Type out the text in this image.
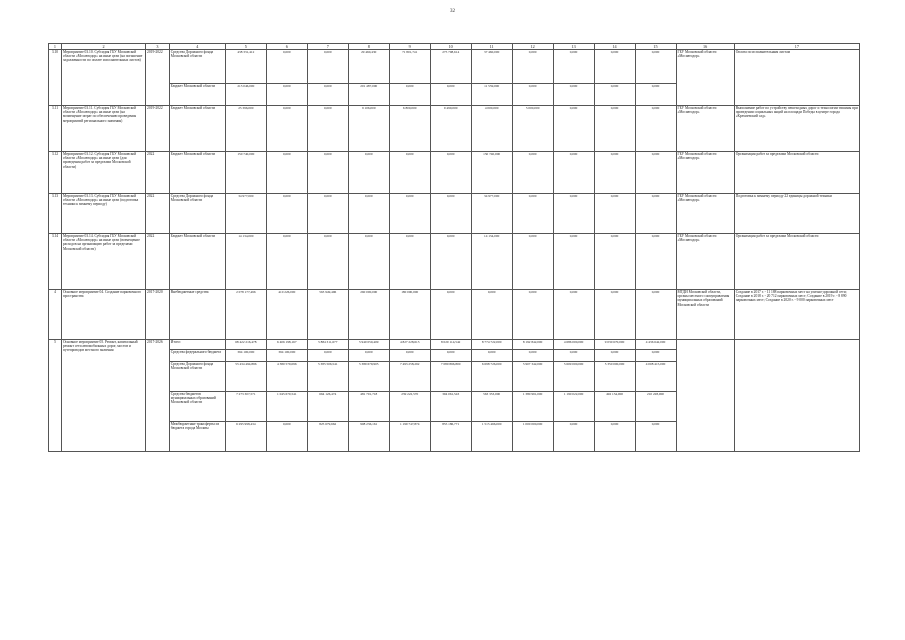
32
1	2	3	4	5	6	7	8	9	10	11	12	13	14	15	16	17
3.10	Мероприятие 03.10. Субсидия ГБУ Московской области «Мосавтодор» на иные цели (на погашение задолженности по оплате исполнительных листов)	2019-2022	Средства Дорожного фонда Московской области	438 331,412	0,000	0,000	29 460,430	71 801,741	275 708,614	37 460,000	0,000	0,000	0,000	0,000	ГБУ Московской области «Мосавтодор»	Оплата по исполнительным листам
			Бюджет Московской области	213 046,000	0,000	0,000	201 487,000	0,000	0,000	11 559,000	0,000	0,000	0,000	0,000		
3.11	Мероприятие 03.11. Субсидия ГБУ Московской области «Мосавтодор» на иные цели (на возмещение затрат по обеспечению проведения мероприятий регионального значения)	2019-2022	Бюджет Московской области	25 396,000	0,000	0,000	9 106,000	6 800,000	9 490,000	4 000,000	5 000,000	0,000	0,000	0,000	ГБУ Московской области «Мосавтодор»	Выполнение работ по устройству пешеходных дорог и технологии тишины при проведении социальных акций на площади Победы в центре города «Кремлевский сад»
3.12	Мероприятие 03.12. Субсидия ГБУ Московской области «Мосавтодор» на иные цели (для проведения работ за пределами Московской области)	2022	Бюджет Московской области	150 740,000	0,000	0,000	0,000	0,000	0,000	150 740,000	0,000	0,000	0,000	0,000	ГБУ Московской области «Мосавтодор»	Организация работ за пределами Московской области
3.13	Мероприятие 03.13. Субсидия ГБУ Московской области «Мосавтодор» на иные цели (подготовка техники к зимнему периоду)	2022	Средства Дорожного фонда Московской области	34 977,000	0,000	0,000	0,000	0,000	0,000	34 977,000	0,000	0,000	0,000	0,000	ГБУ Московской области «Мосавтодор»	Подготовка к зимнему периоду 22 единицы дорожной техники
3.14	Мероприятие 03.14. Субсидия ГБУ Московской области «Мосавтодор» на иные цели (возмещение расходов на организацию работ за пределами Московской области)	2022	Бюджет Московской области	14 134,000	0,000	0,000	0,000	0,000	0,000	14 134,000	0,000	0,000	0,000	0,000	ГБУ Московской области «Мосавтодор»	Организация работ за пределами Московской области
4	Основное мероприятие 04. Создание парковочного пространства	2017-2020	Внебюджетные средства	2 078 177,496	410 226,000	563 949,496	260 000,000	180 000,000	0,000	0,000	0,000	0,000	0,000	0,000	МТДИ Московской области, органы местного самоуправления муниципальных образований Московской области	Создание в 2017 г. - 11 188 парковочных мест на улично-дорожной сети; Создание в 2018 г. - 20 712 парковочных мест; Создание в 2019 г. - 8 890 парковочных мест; Создание в 2020 г. - 9 000 парковочных мест
5	Основное мероприятие 05. Ремонт, капитальный ремонт сети автомобильных дорог, мостов и путепроводов местного значения	2017-2026	Итого:	68 422 216,478	6 406 198,167	5 884 311,677	5 940 050,409	4 827 228,613	8 020 114,542	8 774 722,000	8 192 842,000	4 686 000,000	9 030 670,000	4 436 642,000		
			Средства федерального бюджета	394 100,000	394 100,000	0,000	0,000	0,000	0,000	0,000	0,000	0,000	0,000	0,000		
			Средства Дорожного фонда Московской области	53 434 494,896	4 380 579,096	5 385 506,541	5 389 679,905	7 493 258,292	7 080 866,800	6 698 726,000	5 907 342,000	5 609 000,000	5 350 000,000	4 008 415,000		
			Средства бюджетов муниципальных образований Московской области	7 273 307,571	1 045 670,541	664 126,474	481 701,718	239 222,570	394 061,543	563 333,000	1 380 991,000	1 190 022,000	492 134,000	210 228,000		
			Межбюджетные трансферты из бюджета города Москвы	6 295 998,434	0,000	825 679,662	908 236,161	1 199 747,874	855 186,771	1 515 466,000	1 000 000,000	0,000	0,000	0,000		
